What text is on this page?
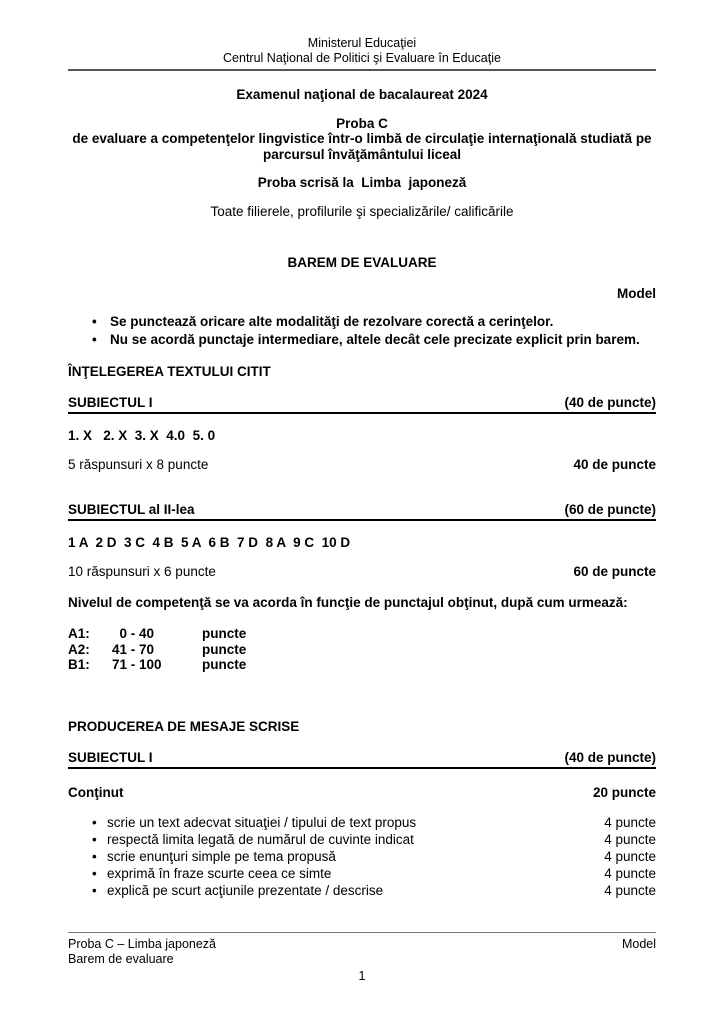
Ministerul Educaţiei
Centrul Naţional de Politici şi Evaluare în Educaţie
Examenul naţional de bacalaureat 2024
Proba C
de evaluare a competenţelor lingvistice într-o limbă de circulaţie internaţională studiată pe
parcursul învăţământului liceal
Proba scrisă la  Limba  japoneză
Toate filierele, profilurile şi specializările/ calificările
BAREM DE EVALUARE
Model
• Se punctează oricare alte modalităţi de rezolvare corectă a cerinţelor.
• Nu se acordă punctaje intermediare, altele decât cele precizate explicit prin barem.
ÎNŢELEGEREA TEXTULUI CITIT
SUBIECTUL I	(40 de puncte)
1. X   2. X  3. X  4.0  5. 0
5 răspunsuri x 8 puncte	40 de puncte
SUBIECTUL al II-lea	(60 de puncte)
1 A  2 D  3 C  4 B  5 A  6 B  7 D  8 A  9 C  10 D
10 răspunsuri x 6 puncte	60 de puncte
Nivelul de competenţă se va acorda în funcţie de punctajul obţinut, după cum urmează:
A1:  0 - 40	puncte
A2: 41 - 70	puncte
B1: 71 - 100	puncte
PRODUCEREA DE MESAJE SCRISE
SUBIECTUL I	(40 de puncte)
Conţinut	20 puncte
• scrie un text adecvat situaţiei / tipului de text propus	4 puncte
• respectă limita legată de numărul de cuvinte indicat	4 puncte
• scrie enunţuri simple pe tema propusă	4 puncte
• exprimă în fraze scurte ceea ce simte	4 puncte
• explică pe scurt acţiunile prezentate / descrise	4 puncte
Proba C – Limba japoneză	Model
Barem de evaluare
1
